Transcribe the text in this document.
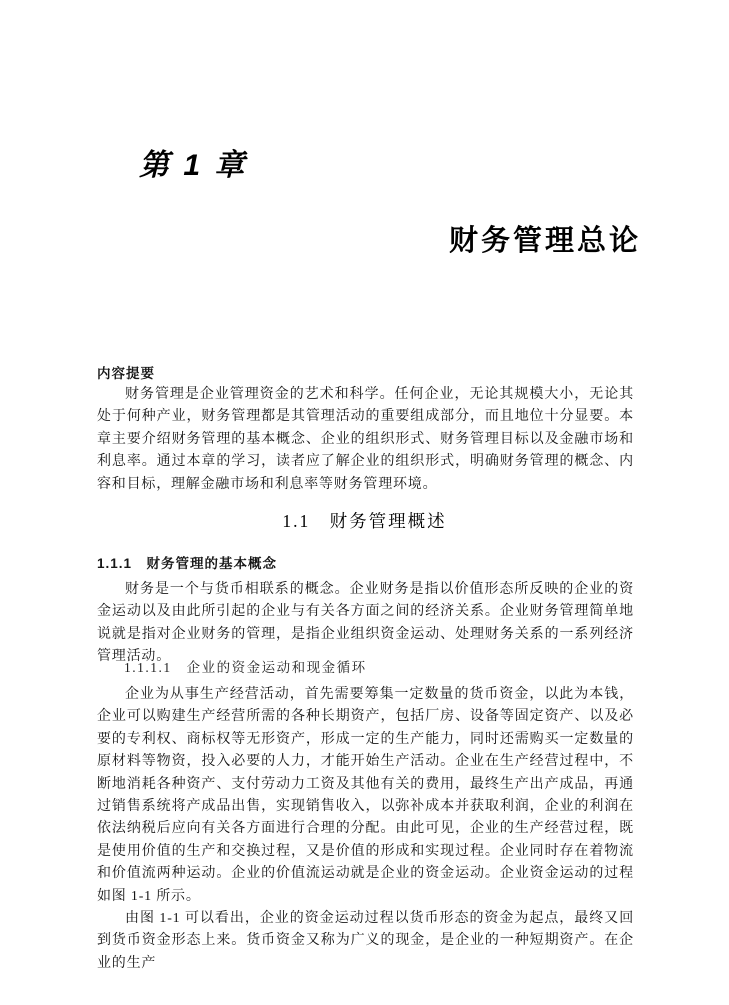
第 1 章
财务管理总论
内容提要
财务管理是企业管理资金的艺术和科学。任何企业，无论其规模大小，无论其处于何种产业，财务管理都是其管理活动的重要组成部分，而且地位十分显要。本章主要介绍财务管理的基本概念、企业的组织形式、财务管理目标以及金融市场和利息率。通过本章的学习，读者应了解企业的组织形式，明确财务管理的概念、内容和目标，理解金融市场和利息率等财务管理环境。
1.1　财务管理概述
1.1.1　财务管理的基本概念
财务是一个与货币相联系的概念。企业财务是指以价值形态所反映的企业的资金运动以及由此所引起的企业与有关各方面之间的经济关系。企业财务管理简单地说就是指对企业财务的管理，是指企业组织资金运动、处理财务关系的一系列经济管理活动。
1.1.1.1　企业的资金运动和现金循环

企业为从事生产经营活动，首先需要筹集一定数量的货币资金，以此为本钱，企业可以购建生产经营所需的各种长期资产，包括厂房、设备等固定资产、以及必要的专利权、商标权等无形资产，形成一定的生产能力，同时还需购买一定数量的原材料等物资，投入必要的人力，才能开始生产活动。企业在生产经营过程中，不断地消耗各种资产、支付劳动力工资及其他有关的费用，最终生产出产成品，再通过销售系统将产成品出售，实现销售收入，以弥补成本并获取利润，企业的利润在依法纳税后应向有关各方面进行合理的分配。由此可见，企业的生产经营过程，既是使用价值的生产和交换过程，又是价值的形成和实现过程。企业同时存在着物流和价值流两种运动。企业的价值流运动就是企业的资金运动。企业资金运动的过程如图 1-1 所示。

由图 1-1 可以看出，企业的资金运动过程以货币形态的资金为起点，最终又回到货币资金形态上来。货币资金又称为广义的现金，是企业的一种短期资产。在企业的生产
